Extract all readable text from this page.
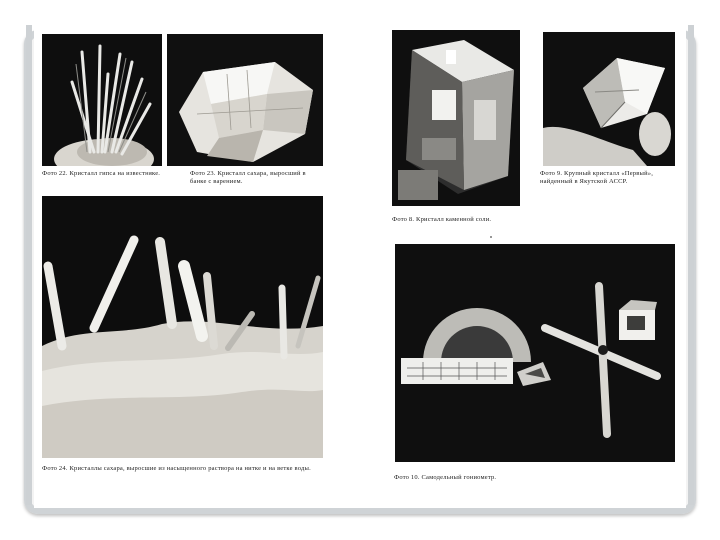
Фото 22. Кристалл гипса на известняке.	Фото 23. Кристалл сахара, выросший в банке с варением.
Фото 24. Кристаллы сахара, выросшие из насыщенного раствора на нитке и на ветке воды.
Фото 8. Кристалл каменной соли.
Фото 9. Крупный кристалл «Первый», найденный в Якутской АССР.
Фото 10. Самодельный гониометр.
